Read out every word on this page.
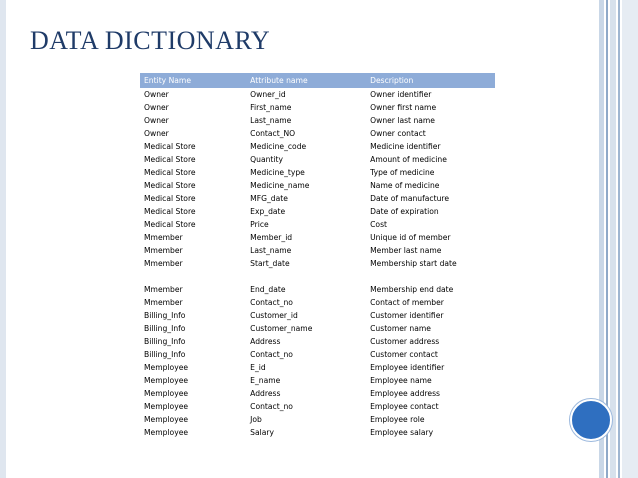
DATA DICTIONARY
Entity Name	Attribute name	Description
Owner	Owner_id	Owner identifier
Owner	First_name	Owner first name
Owner	Last_name	Owner last name
Owner	Contact_NO	Owner contact
Medical Store	Medicine_code	Medicine identifier
Medical Store	Quantity	Amount of medicine
Medical Store	Medicine_type	Type of medicine
Medical Store	Medicine_name	Name of medicine
Medical Store	MFG_date	Date of manufacture
Medical Store	Exp_date	Date of expiration
Medical Store	Price	Cost
Mmember	Member_id	Unique id of member
Mmember	Last_name	Member last name
Mmember	Start_date	Membership start date

Mmember	End_date	Membership end date
Mmember	Contact_no	Contact of member
Billing_Info	Customer_id	Customer identifier
Billing_Info	Customer_name	Customer name
Billing_Info	Address	Customer address
Billing_Info	Contact_no	Customer contact
Memployee	E_id	Employee identifier
Memployee	E_name	Employee name
Memployee	Address	Employee address
Memployee	Contact_no	Employee contact
Memployee	Job	Employee role
Memployee	Salary	Employee salary
